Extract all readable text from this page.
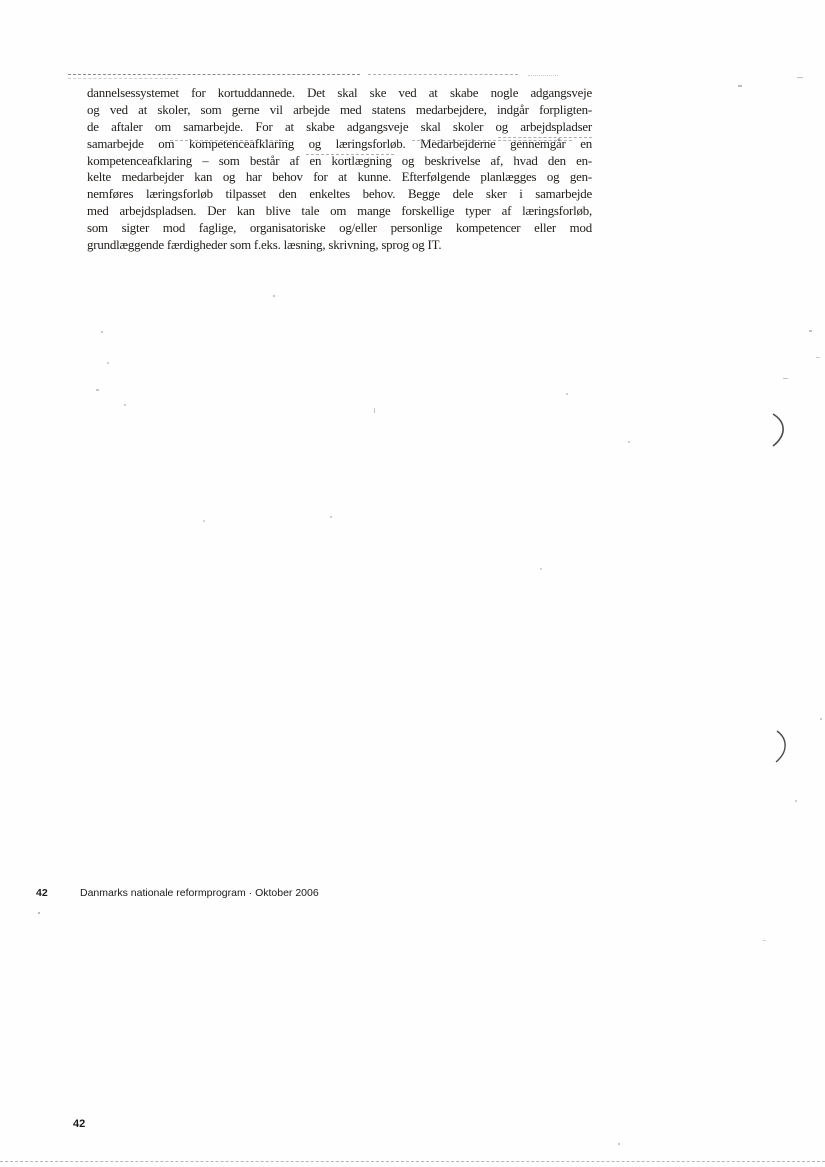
dannelsessystemet for kortuddannede. Det skal ske ved at skabe nogle adgangsveje
og ved at skoler, som gerne vil arbejde med statens medarbejdere, indgår forpligten-
de aftaler om samarbejde. For at skabe adgangsveje skal skoler og arbejdspladser
samarbejde om kompetenceafklaring og læringsforløb. Medarbejderne gennemgår en
kompetenceafklaring – som består af en kortlægning og beskrivelse af, hvad den en-
kelte medarbejder kan og har behov for at kunne. Efterfølgende planlægges og gen-
nemføres læringsforløb tilpasset den enkeltes behov. Begge dele sker i samarbejde
med arbejdspladsen. Der kan blive tale om mange forskellige typer af læringsforløb,
som sigter mod faglige, organisatoriske og/eller personlige kompetencer eller mod
grundlæggende færdigheder som f.eks. læsning, skrivning, sprog og IT.
42	Danmarks nationale reformprogram · Oktober 2006
42
